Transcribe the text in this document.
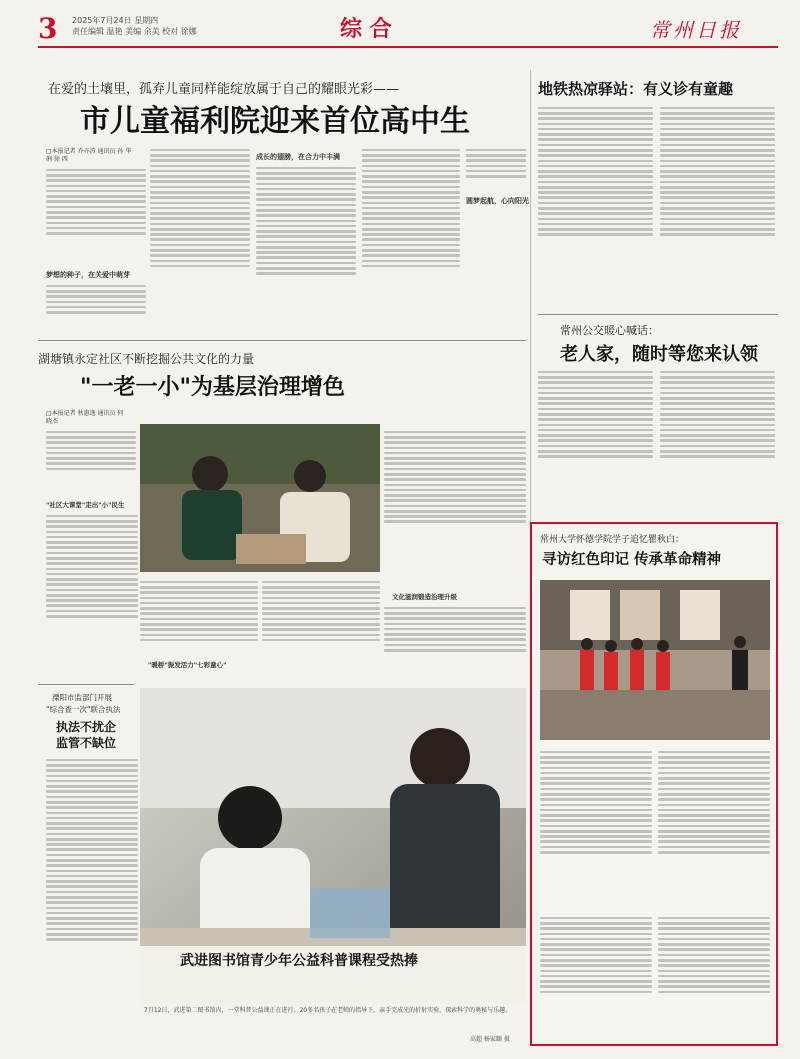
3 2025年7月24日 星期四
责任编辑 温艳 美编 余美 校对 徐娜	综 合	常州日报
在爱的土壤里，孤弃儿童同样能绽放属于自己的耀眼光彩——
市儿童福利院迎来首位高中生
□本报记者 乔亦涛 通讯员 孙 华俐 徐 西
梦想的种子，在关爱中萌芽
成长的翅膀，在合力中丰满
圆梦起航，心向阳光
地铁热凉驿站：有义诊有童趣
常州公交暖心喊话：
老人家，随时等您来认领
湖塘镇永定社区不断挖掘公共文化的力量
"一老一小"为基层治理增色
□本报记者 秋惠逸 通讯员 何晓杰
"社区大课堂"走出"小"民生
"暖桥"振发活力"七彩童心"
文化滋润锻造治理升级
溧阳市监部门开展
"综合查一次"联合执法
执法不扰企
监管不缺位
武进图书馆青少年公益科普课程受热捧
7月12日，武进第二图书馆内，一堂科普公益课正在进行。20多名孩子在老师的指导下，亲手完成光的折射实验，探索科学的奥秘与乐趣。
高超 杨家颐 摄
常州大学怀德学院学子追忆瞿秋白：
寻访红色印记 传承革命精神
